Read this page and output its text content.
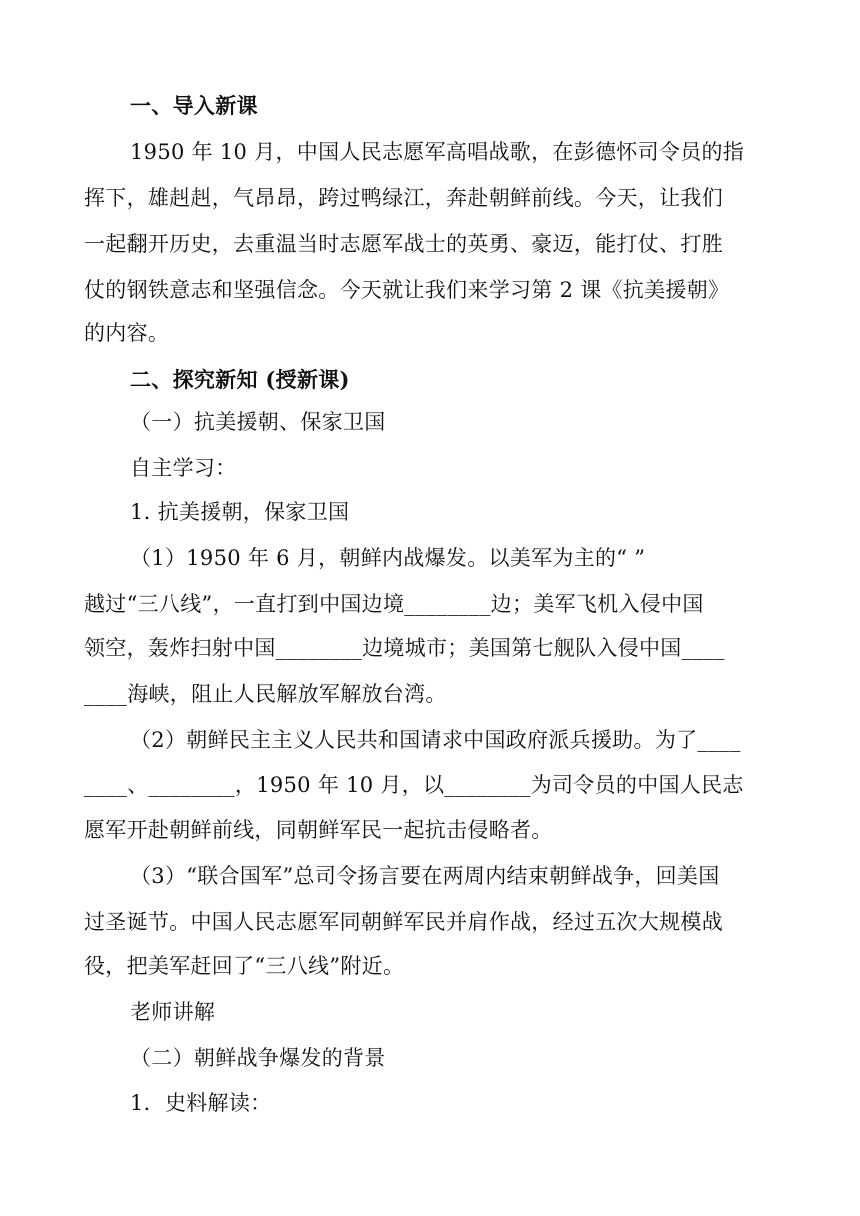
一、导入新课
1950 年 10 月，中国人民志愿军高唱战歌，在彭德怀司令员的指
挥下，雄赳赳，气昂昂，跨过鸭绿江，奔赴朝鲜前线。今天，让我们
一起翻开历史，去重温当时志愿军战士的英勇、豪迈，能打仗、打胜
仗的钢铁意志和坚强信念。今天就让我们来学习第 2 课《抗美援朝》
的内容。
二、探究新知 (授新课)
（一）抗美援朝、保家卫国
自主学习：
1. 抗美援朝，保家卫国
（1）1950 年 6 月，朝鲜内战爆发。以美军为主的“ ”
越过“三八线”，一直打到中国边境________边；美军飞机入侵中国
领空，轰炸扫射中国________边境城市；美国第七舰队入侵中国____
____海峡，阻止人民解放军解放台湾。
（2）朝鲜民主主义人民共和国请求中国政府派兵援助。为了____
____、________，1950 年 10 月，以________为司令员的中国人民志
愿军开赴朝鲜前线，同朝鲜军民一起抗击侵略者。
（3）“联合国军”总司令扬言要在两周内结束朝鲜战争，回美国
过圣诞节。中国人民志愿军同朝鲜军民并肩作战，经过五次大规模战
役，把美军赶回了“三八线”附近。
老师讲解
（二）朝鲜战争爆发的背景
1．史料解读：
